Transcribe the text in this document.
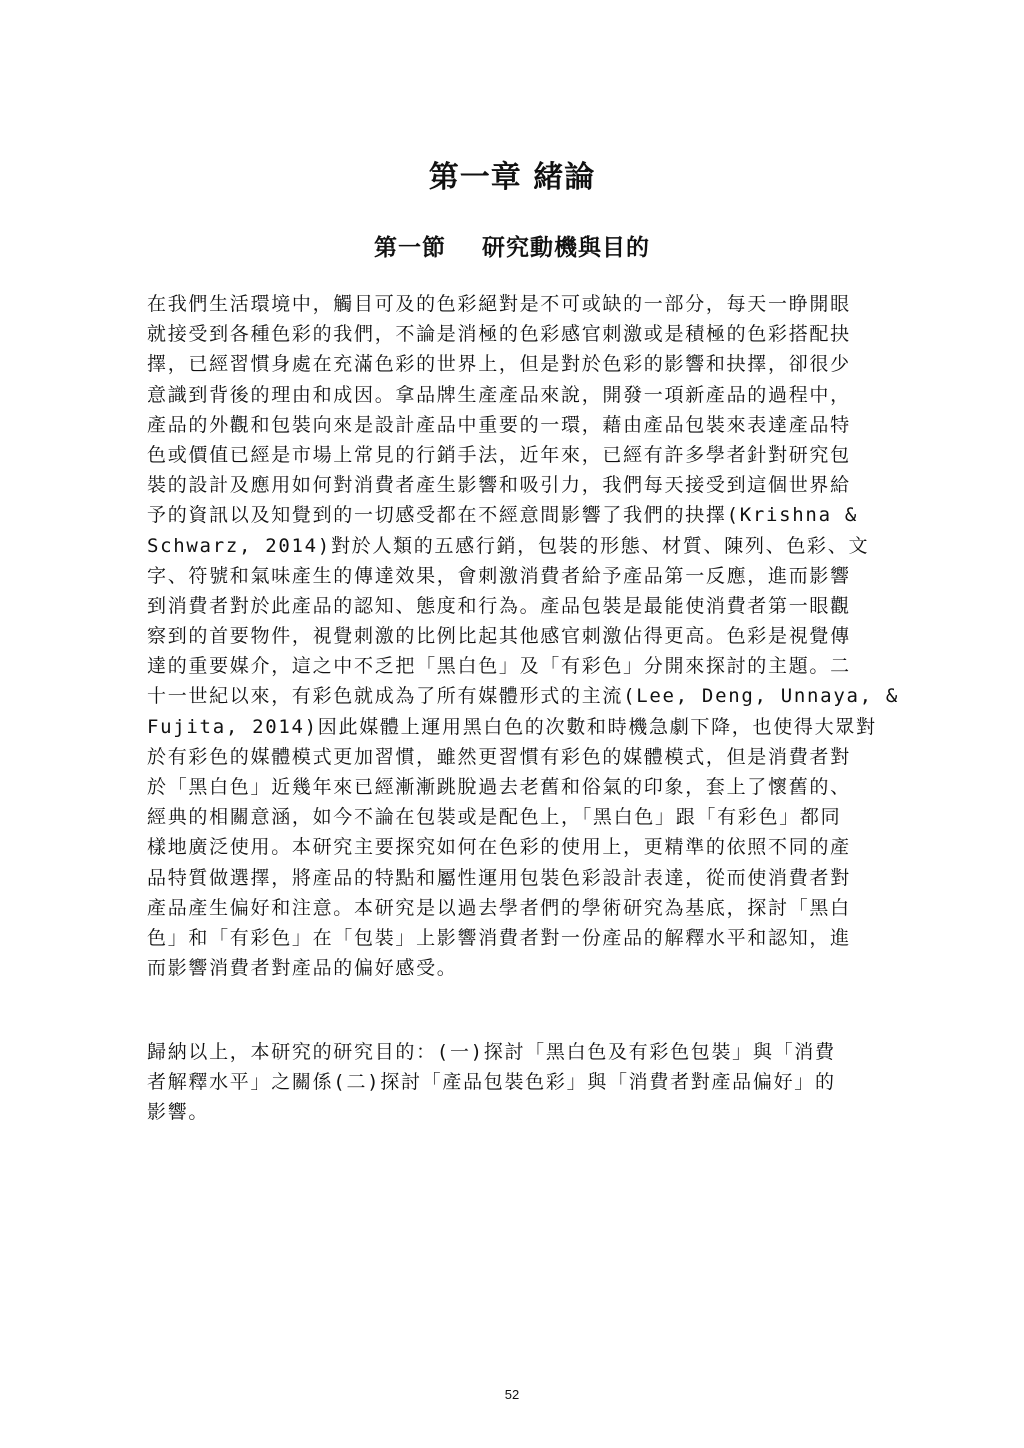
第一章 緒論
第一節 研究動機與目的
在我們生活環境中，觸目可及的色彩絕對是不可或缺的一部分，每天一睁開眼
就接受到各種色彩的我們，不論是消極的色彩感官刺激或是積極的色彩搭配抉
擇，已經習慣身處在充滿色彩的世界上，但是對於色彩的影響和抉擇，卻很少
意識到背後的理由和成因。拿品牌生產產品來說，開發一項新產品的過程中，
產品的外觀和包裝向來是設計產品中重要的一環，藉由產品包裝來表達產品特
色或價值已經是市場上常見的行銷手法，近年來，已經有許多學者針對研究包
裝的設計及應用如何對消費者產生影響和吸引力，我們每天接受到這個世界給
予的資訊以及知覺到的一切感受都在不經意間影響了我們的抉擇(Krishna &
Schwarz, 2014)對於人類的五感行銷，包裝的形態、材質、陳列、色彩、文
字、符號和氣味產生的傳達效果，會刺激消費者給予產品第一反應，進而影響
到消費者對於此產品的認知、態度和行為。產品包裝是最能使消費者第一眼觀
察到的首要物件，視覺刺激的比例比起其他感官刺激佔得更高。色彩是視覺傳
達的重要媒介，這之中不乏把「黑白色」及「有彩色」分開來探討的主題。二
十一世紀以來，有彩色就成為了所有媒體形式的主流(Lee, Deng, Unnaya, &
Fujita, 2014)因此媒體上運用黑白色的次數和時機急劇下降，也使得大眾對
於有彩色的媒體模式更加習慣，雖然更習慣有彩色的媒體模式，但是消費者對
於「黑白色」近幾年來已經漸漸跳脫過去老舊和俗氣的印象，套上了懷舊的、
經典的相關意涵，如今不論在包裝或是配色上，「黑白色」跟「有彩色」都同
樣地廣泛使用。本研究主要探究如何在色彩的使用上，更精準的依照不同的產
品特質做選擇，將產品的特點和屬性運用包裝色彩設計表達，從而使消費者對
產品產生偏好和注意。本研究是以過去學者們的學術研究為基底，探討「黑白
色」和「有彩色」在「包裝」上影響消費者對一份產品的解釋水平和認知，進
而影響消費者對產品的偏好感受。
歸納以上，本研究的研究目的：(一)探討「黑白色及有彩色包裝」與「消費
者解釋水平」之關係(二)探討「產品包裝色彩」與「消費者對產品偏好」的
影響。
52
